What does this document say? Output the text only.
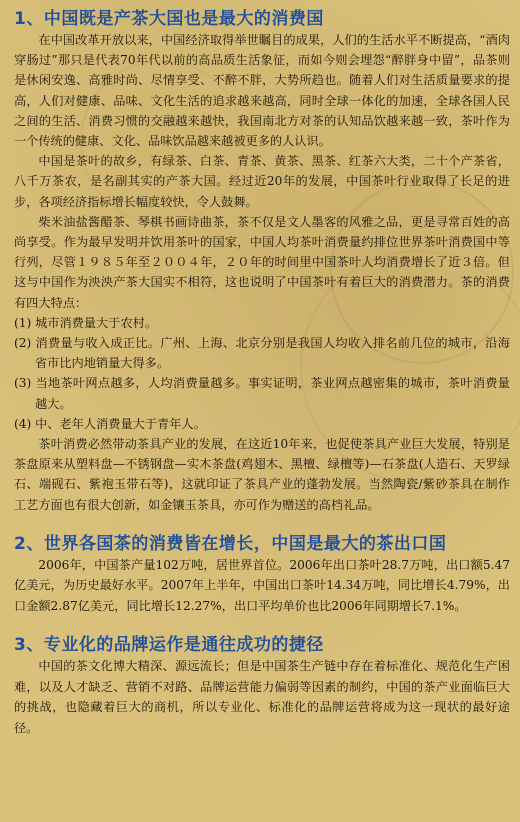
1、中国既是产茶大国也是最大的消费国

在中国改革开放以来，中国经济取得举世瞩目的成果，人们的生活水平不断提高，“酒肉穿肠过”那只是代表70年代以前的高品质生活象征，而如今则会埋怨“醉胖身中留”，品茶则是休闲安逸、高雅时尚、尽情享受、不醉不胖，大势所趋也。随着人们对生活质量要求的提高，人们对健康、品味、文化生活的追求越来越高，同时全球一体化的加速，全球各国人民之间的生活、消费习惯的交融越来越快，我国南北方对茶的认知品饮越来越一致，茶叶作为一个传统的健康、文化、品味饮品越来越被更多的人认识。

中国是茶叶的故乡，有绿茶、白茶、青茶、黄茶、黑茶、红茶六大类，二十个产茶省，八千万茶农，是名副其实的产茶大国。经过近20年的发展，中国茶叶行业取得了长足的进步，各项经济指标增长幅度较快，令人鼓舞。

柴米油盐酱醋茶、琴棋书画诗曲茶，茶不仅是文人墨客的风雅之品，更是寻常百姓的高尚享受。作为最早发明并饮用茶叶的国家，中国人均茶叶消费量约排位世界茶叶消费国中等行列，尽管１９８５年至２００４年，２０年的时间里中国茶叶人均消费增长了近３倍。但这与中国作为泱泱产茶大国实不相符，这也说明了中国茶叶有着巨大的消费潜力。茶的消费有四大特点：

(1) 城市消费量大于农村。
(2) 消费量与收入成正比。广州、上海、北京分别是我国人均收入排名前几位的城市，沿海省市比内地销量大得多。
(3) 当地茶叶网点越多，人均消费量越多。事实证明，茶业网点越密集的城市，茶叶消费量越大。
(4) 中、老年人消费量大于青年人。

茶叶消费必然带动茶具产业的发展，在这近10年来，也促使茶具产业巨大发展，特别是茶盘原来从塑料盘—不锈钢盘—实木茶盘(鸡翅木、黑檀、绿檀等)—石茶盘(人造石、天罗绿石、端砚石、紫袍玉带石等)，这就印证了茶具产业的蓬勃发展。当然陶瓷/紫砂茶具在制作工艺方面也有很大创新，如金镶玉茶具，亦可作为赠送的高档礼品。

2、世界各国茶的消费皆在增长，中国是最大的茶出口国

2006年，中国茶产量102万吨，居世界首位。2006年出口茶叶28.7万吨，出口额5.47亿美元，为历史最好水平。2007年上半年，中国出口茶叶14.34万吨，同比增长4.79%，出口金额2.87亿美元，同比增长12.27%，出口平均单价也比2006年同期增长7.1%。

3、专业化的品牌运作是通往成功的捷径

中国的茶文化博大精深、源远流长；但是中国茶生产链中存在着标准化、规范化生产困难，以及人才缺乏、营销不对路、品牌运营能力偏弱等因素的制约，中国的茶产业面临巨大的挑战，也隐藏着巨大的商机，所以专业化、标准化的品牌运营将成为这一现状的最好途径。
